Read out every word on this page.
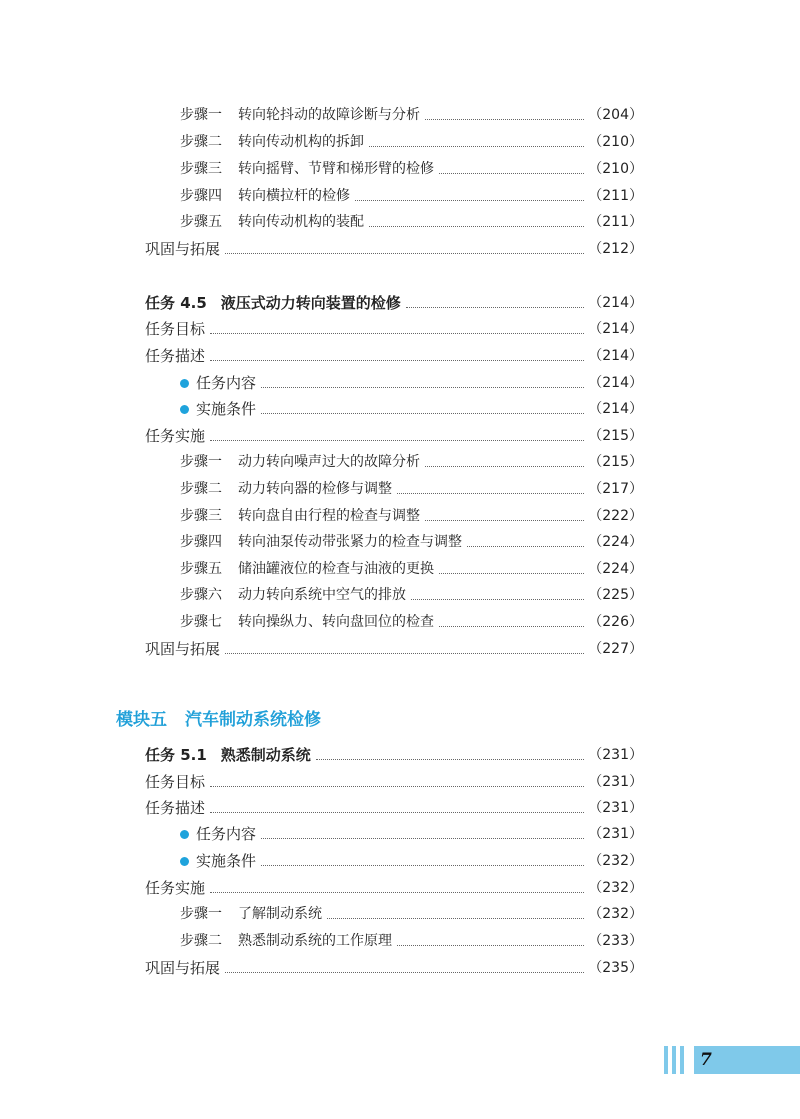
步骤一 转向轮抖动的故障诊断与分析	（204）
步骤二 转向传动机构的拆卸	（210）
步骤三 转向摇臂、节臂和梯形臂的检修	（210）
步骤四 转向横拉杆的检修	（211）
步骤五 转向传动机构的装配	（211）
巩固与拓展	（212）
任务 4.5 液压式动力转向装置的检修	（214）
任务目标	（214）
任务描述	（214）
任务内容	（214）
实施条件	（214）
任务实施	（215）
步骤一 动力转向噪声过大的故障分析	（215）
步骤二 动力转向器的检修与调整	（217）
步骤三 转向盘自由行程的检查与调整	（222）
步骤四 转向油泵传动带张紧力的检查与调整	（224）
步骤五 储油罐液位的检查与油液的更换	（224）
步骤六 动力转向系统中空气的排放	（225）
步骤七 转向操纵力、转向盘回位的检查	（226）
巩固与拓展	（227）
任务 5.1 熟悉制动系统	（231）
任务目标	（231）
任务描述	（231）
任务内容	（231）
实施条件	（232）
任务实施	（232）
步骤一 了解制动系统	（232）
步骤二 熟悉制动系统的工作原理	（233）
巩固与拓展	（235）
模块五 汽车制动系统检修
7
